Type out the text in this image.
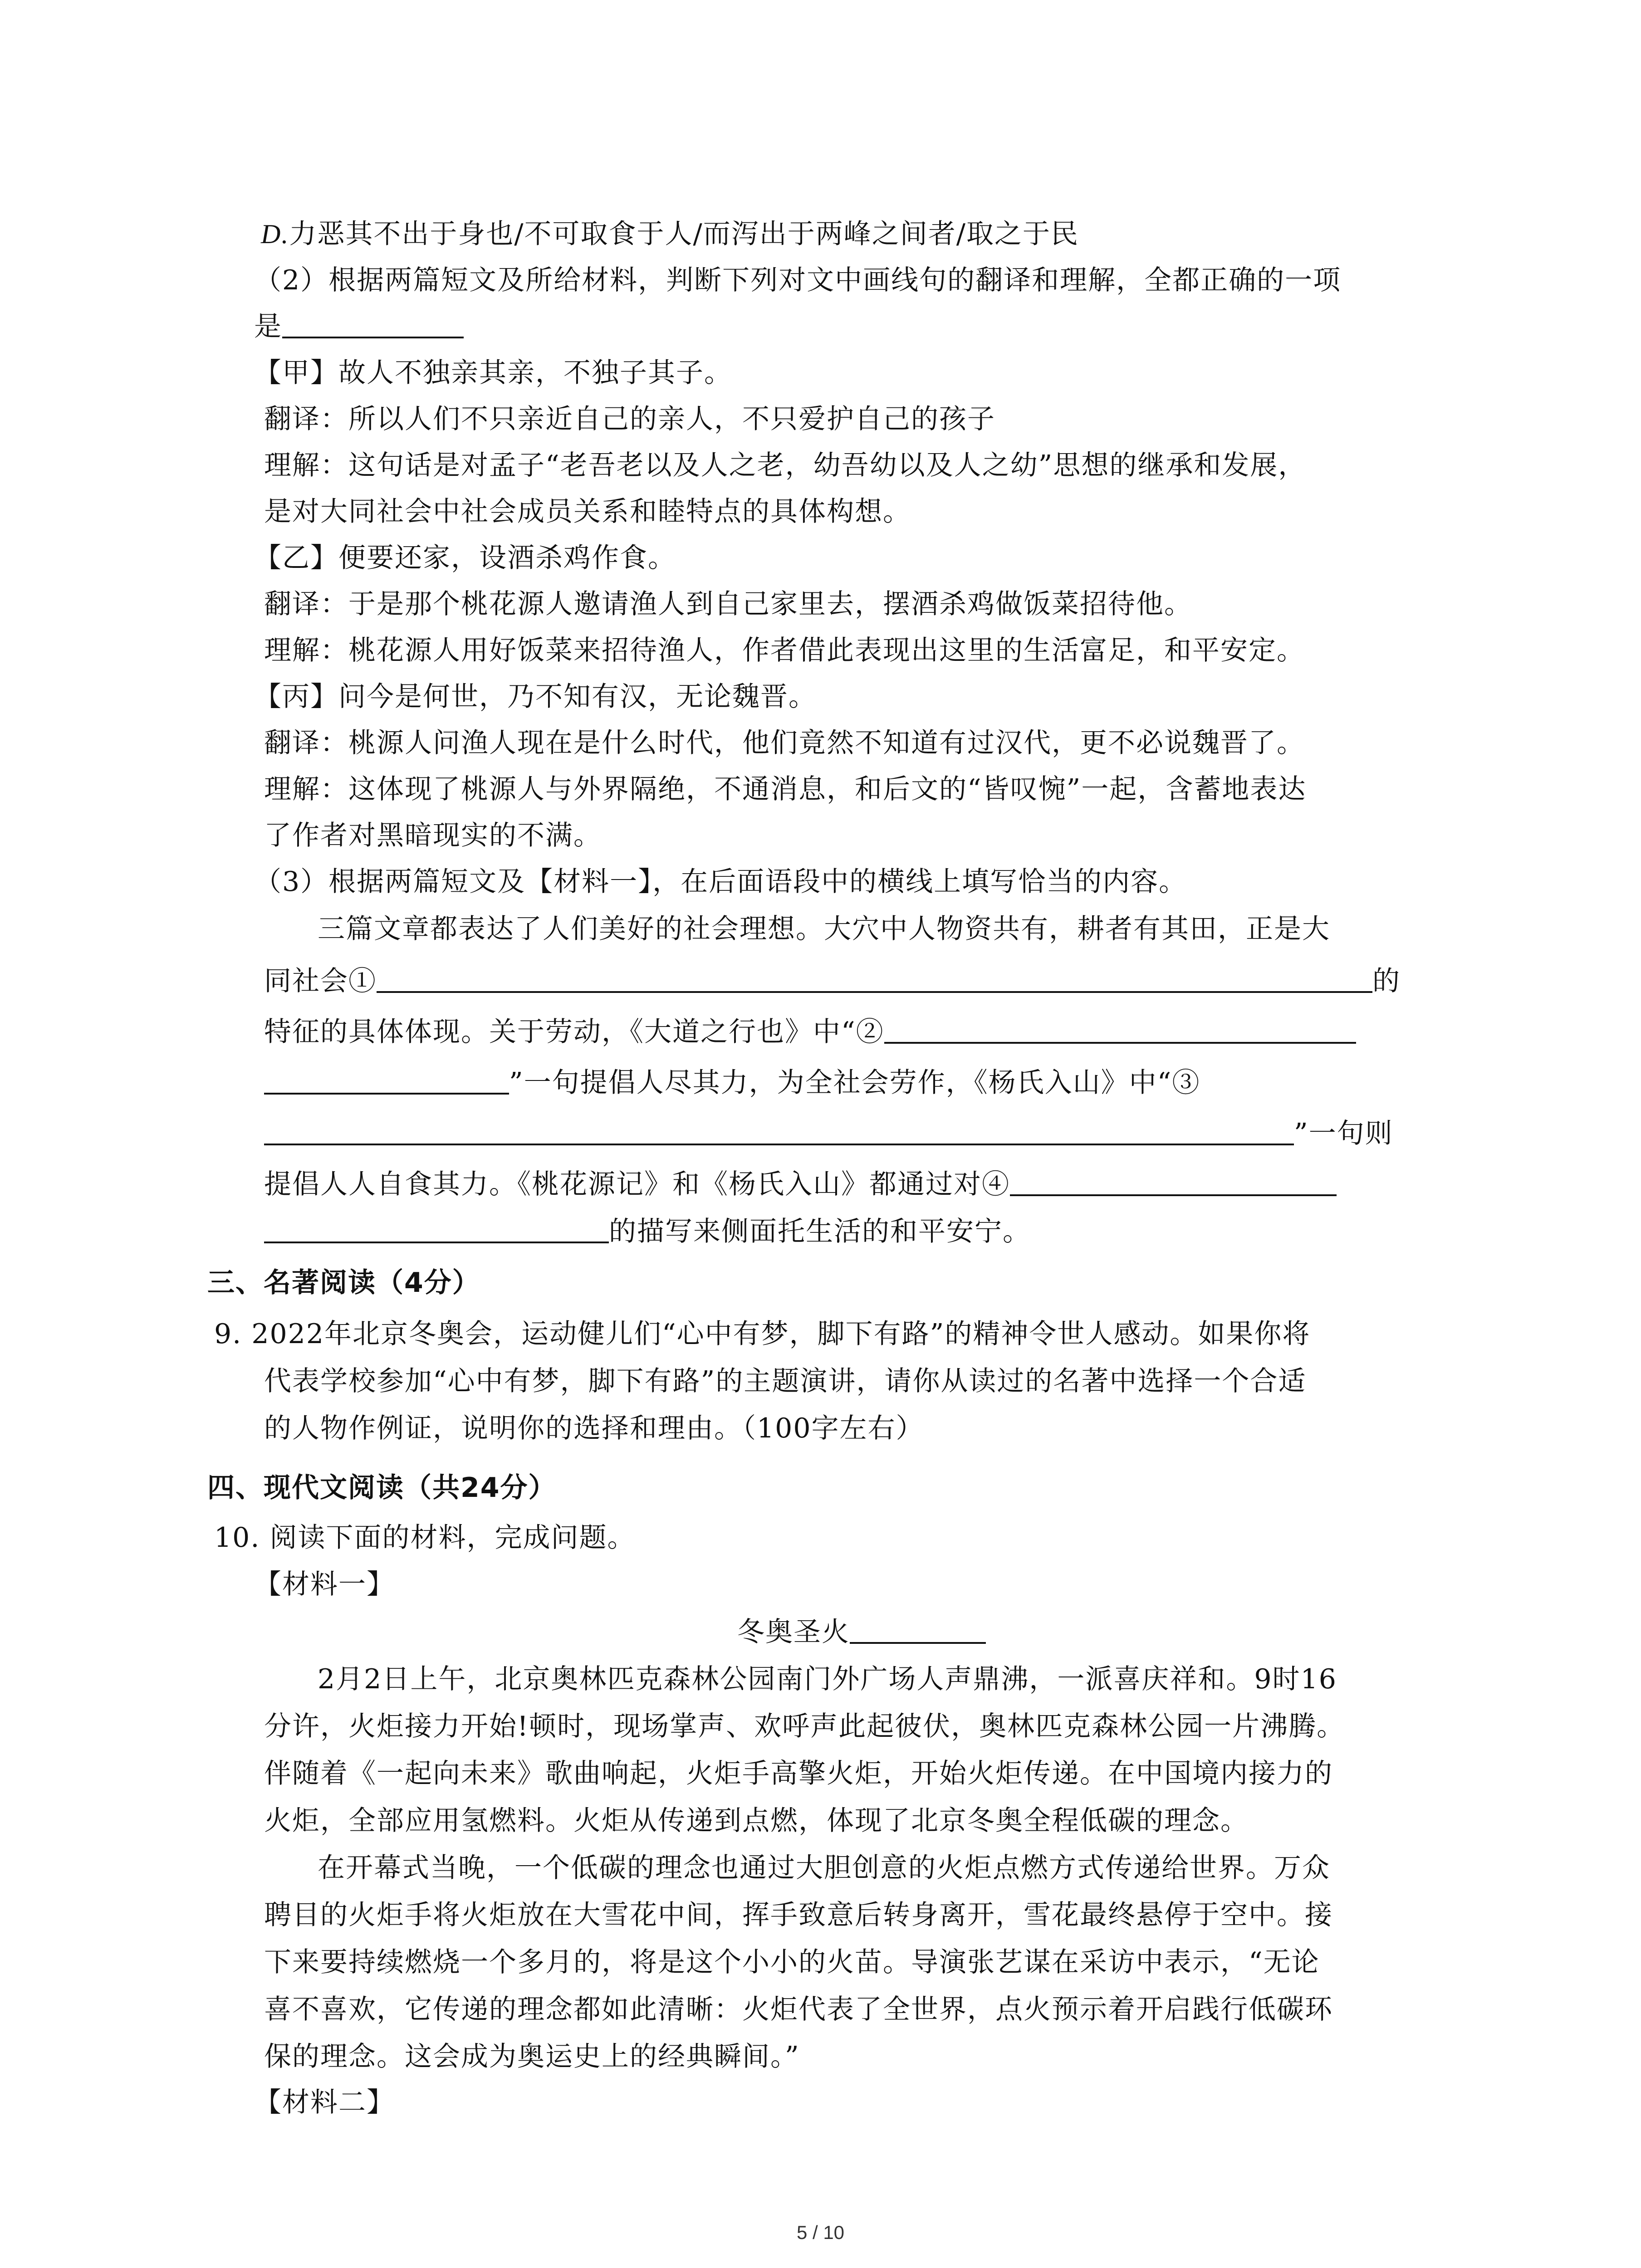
D.力恶其不出于身也/不可取食于人/而泻出于两峰之间者/取之于民
（2）根据两篇短文及所给材料，判断下列对文中画线句的翻译和理解，全都正确的一项
是
【甲】故人不独亲其亲，不独子其子。
翻译：所以人们不只亲近自己的亲人，不只爱护自己的孩子
理解：这句话是对孟子“老吾老以及人之老，幼吾幼以及人之幼”思想的继承和发展，
是对大同社会中社会成员关系和睦特点的具体构想。
【乙】便要还家，设酒杀鸡作食。
翻译：于是那个桃花源人邀请渔人到自己家里去，摆酒杀鸡做饭菜招待他。
理解：桃花源人用好饭菜来招待渔人，作者借此表现出这里的生活富足，和平安定。
【丙】问今是何世，乃不知有汉，无论魏晋。
翻译：桃源人问渔人现在是什么时代，他们竟然不知道有过汉代，更不必说魏晋了。
理解：这体现了桃源人与外界隔绝，不通消息，和后文的“皆叹惋”一起，含蓄地表达
了作者对黑暗现实的不满。
（3）根据两篇短文及【材料一】，在后面语段中的横线上填写恰当的内容。
三篇文章都表达了人们美好的社会理想。大穴中人物资共有，耕者有其田，正是大
同社会①	的
特征的具体体现。关于劳动，《大道之行也》中“②
”一句提倡人尽其力，为全社会劳作，《杨氏入山》中“③
”一句则
提倡人人自食其力。《桃花源记》和《杨氏入山》都通过对④
的描写来侧面托生活的和平安宁。
三、名著阅读（4分）
9. 2022年北京冬奥会，运动健儿们“心中有梦，脚下有路”的精神令世人感动。如果你将
代表学校参加“心中有梦，脚下有路”的主题演讲，请你从读过的名著中选择一个合适
的人物作例证，说明你的选择和理由。（100字左右）
四、现代文阅读（共24分）
10. 阅读下面的材料，完成问题。
【材料一】
冬奥圣火
2月2日上午，北京奥林匹克森林公园南门外广场人声鼎沸，一派喜庆祥和。9时16
分许，火炬接力开始!顿时，现场掌声、欢呼声此起彼伏，奥林匹克森林公园一片沸腾。
伴随着《一起向未来》歌曲响起，火炬手高擎火炬，开始火炬传递。在中国境内接力的
火炬，全部应用氢燃料。火炬从传递到点燃，体现了北京冬奥全程低碳的理念。
在开幕式当晚，一个低碳的理念也通过大胆创意的火炬点燃方式传递给世界。万众
聘目的火炬手将火炬放在大雪花中间，挥手致意后转身离开，雪花最终悬停于空中。接
下来要持续燃烧一个多月的，将是这个小小的火苗。导演张艺谋在采访中表示，“无论
喜不喜欢，它传递的理念都如此清晰：火炬代表了全世界，点火预示着开启践行低碳环
保的理念。这会成为奥运史上的经典瞬间。”
【材料二】
5 / 10
